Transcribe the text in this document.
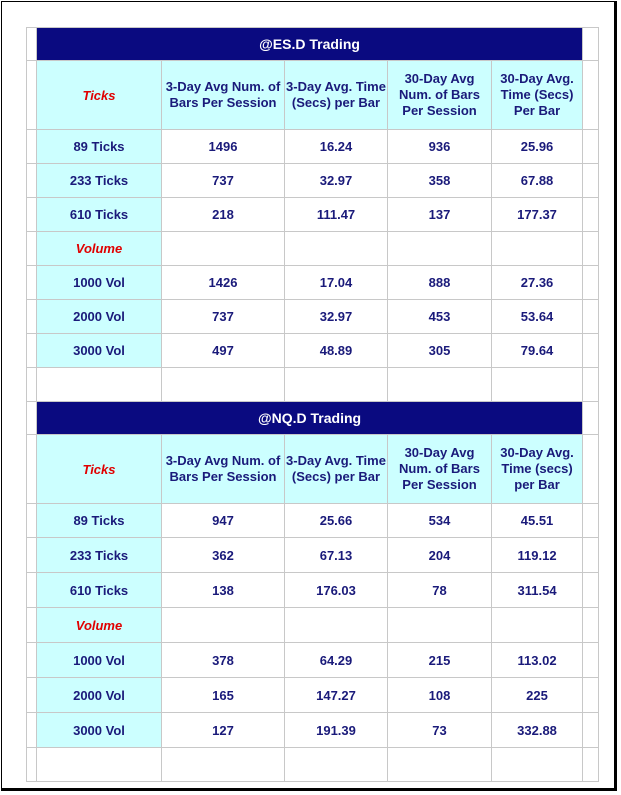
	@ES.D Trading					
	Ticks	3-Day Avg Num. of Bars Per Session	3-Day Avg. Time (Secs) per Bar	30-Day Avg Num. of Bars Per Session	30-Day Avg. Time (Secs) Per Bar	
	89 Ticks	1496	16.24	936	25.96	
	233 Ticks	737	32.97	358	67.88	
	610 Ticks	218	111.47	137	177.37	
	Volume					
	1000 Vol	1426	17.04	888	27.36	
	2000 Vol	737	32.97	453	53.64	
	3000 Vol	497	48.89	305	79.64	

	@NQ.D Trading					
	Ticks	3-Day Avg Num. of Bars Per Session	3-Day Avg. Time (Secs) per Bar	30-Day Avg Num. of Bars Per Session	30-Day Avg. Time (secs) per Bar	
	89 Ticks	947	25.66	534	45.51	
	233 Ticks	362	67.13	204	119.12	
	610 Ticks	138	176.03	78	311.54	
	Volume					
	1000 Vol	378	64.29	215	113.02	
	2000 Vol	165	147.27	108	225	
	3000 Vol	127	191.39	73	332.88	
